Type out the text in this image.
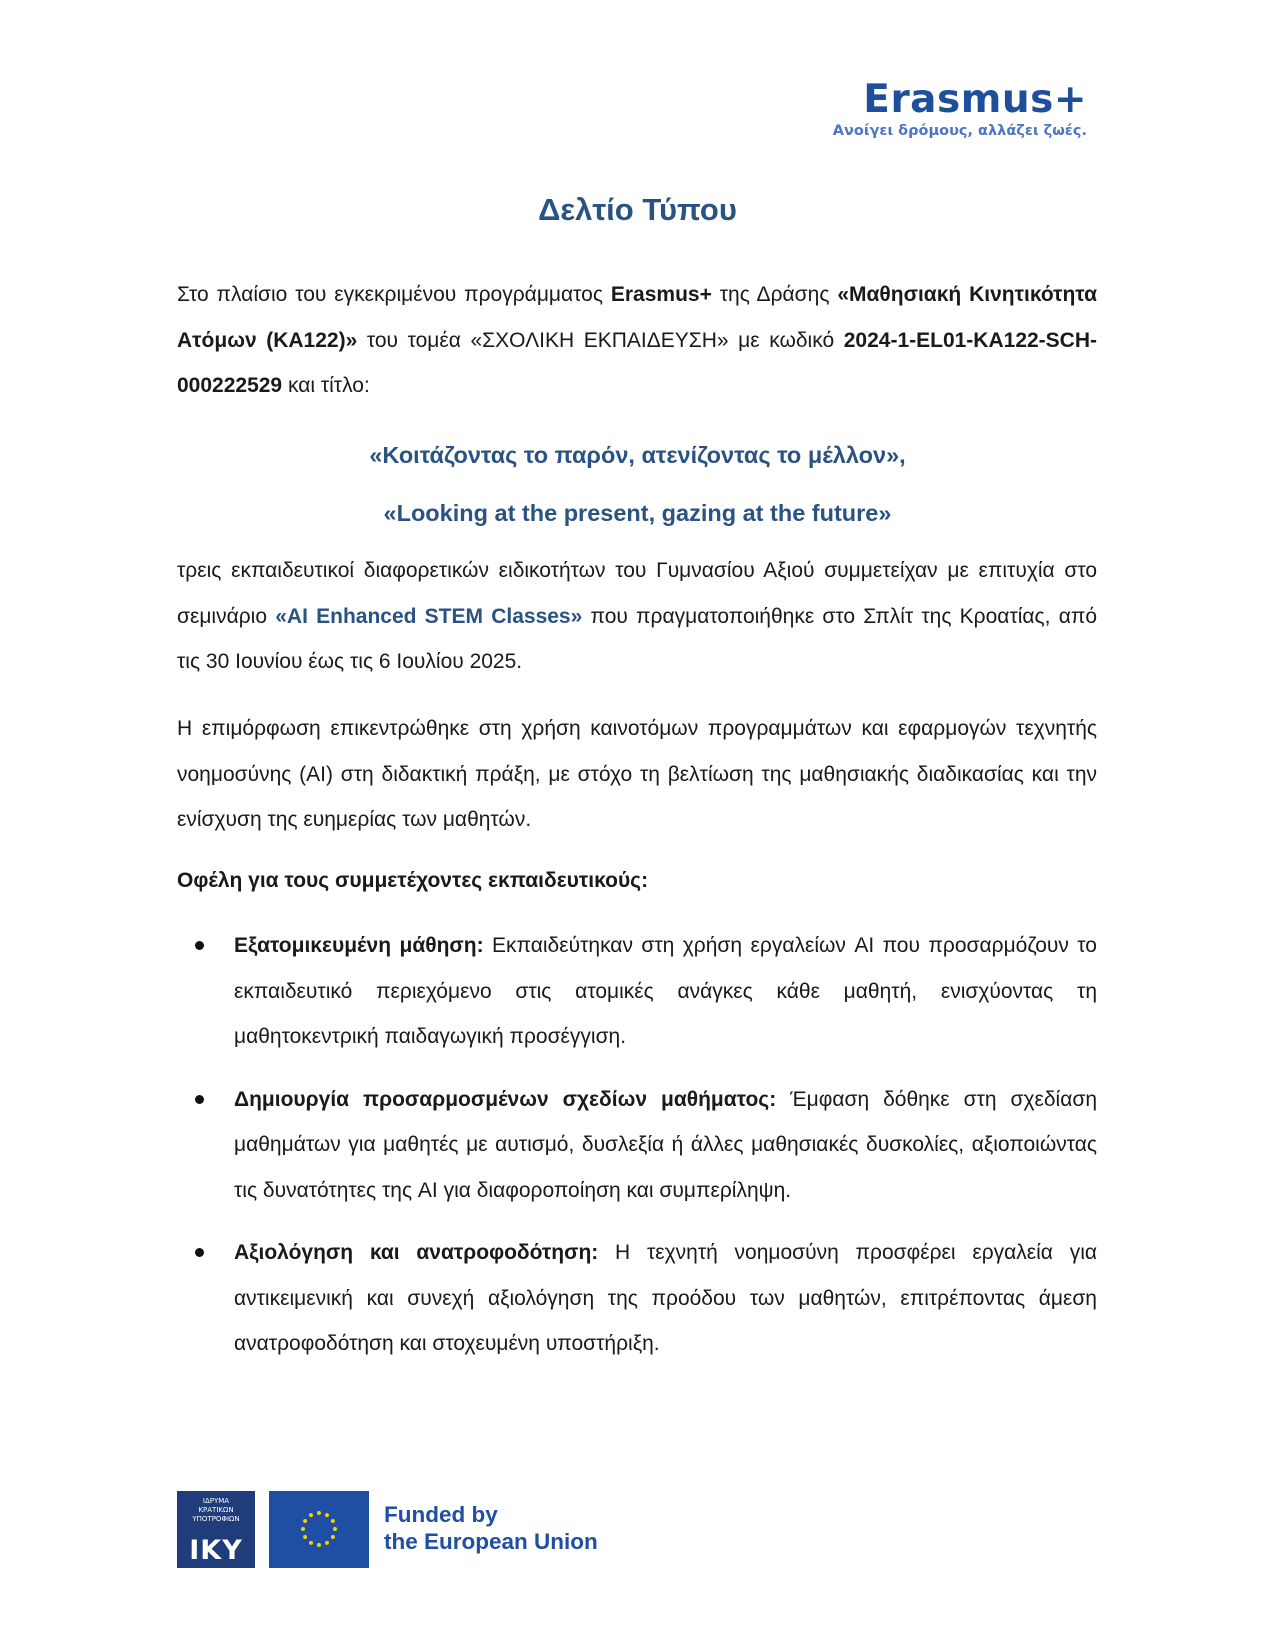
Erasmus+
Ανοίγει δρόμους, αλλάζει ζωές.
Δελτίο Τύπου

Στο πλαίσιο του εγκεκριμένου προγράμματος Erasmus+ της Δράσης «Μαθησιακή Κινητικότητα Ατόμων (ΚΑ122)» του τομέα «ΣΧΟΛΙΚΗ ΕΚΠΑΙΔΕΥΣΗ» με κωδικό 2024-1-EL01-KA122-SCH-000222529 και τίτλο:

«Κοιτάζοντας το παρόν, ατενίζοντας το μέλλον»,
«Looking at the present, gazing at the future»

τρεις εκπαιδευτικοί διαφορετικών ειδικοτήτων του Γυμνασίου Αξιού συμμετείχαν με επιτυχία στο σεμινάριο «AI Enhanced STEM Classes» που πραγματοποιήθηκε στο Σπλίτ της Κροατίας, από τις 30 Ιουνίου έως τις 6 Ιουλίου 2025.

Η επιμόρφωση επικεντρώθηκε στη χρήση καινοτόμων προγραμμάτων και εφαρμογών τεχνητής νοημοσύνης (AI) στη διδακτική πράξη, με στόχο τη βελτίωση της μαθησιακής διαδικασίας και την ενίσχυση της ευημερίας των μαθητών.

Οφέλη για τους συμμετέχοντες εκπαιδευτικούς:
Εξατομικευμένη μάθηση: Εκπαιδεύτηκαν στη χρήση εργαλείων AI που προσαρμόζουν το εκπαιδευτικό περιεχόμενο στις ατομικές ανάγκες κάθε μαθητή, ενισχύοντας τη μαθητοκεντρική παιδαγωγική προσέγγιση.
Δημιουργία προσαρμοσμένων σχεδίων μαθήματος: Έμφαση δόθηκε στη σχεδίαση μαθημάτων για μαθητές με αυτισμό, δυσλεξία ή άλλες μαθησιακές δυσκολίες, αξιοποιώντας τις δυνατότητες της AI για διαφοροποίηση και συμπερίληψη.
Αξιολόγηση και ανατροφοδότηση: Η τεχνητή νοημοσύνη προσφέρει εργαλεία για αντικειμενική και συνεχή αξιολόγηση της προόδου των μαθητών, επιτρέποντας άμεση ανατροφοδότηση και στοχευμένη υποστήριξη.
ΙΔΡΥΜΑ
ΚΡΑΤΙΚΩΝ
ΥΠΟΤΡΟΦΙΩΝ
ΙΚΥ
Funded by
the European Union
